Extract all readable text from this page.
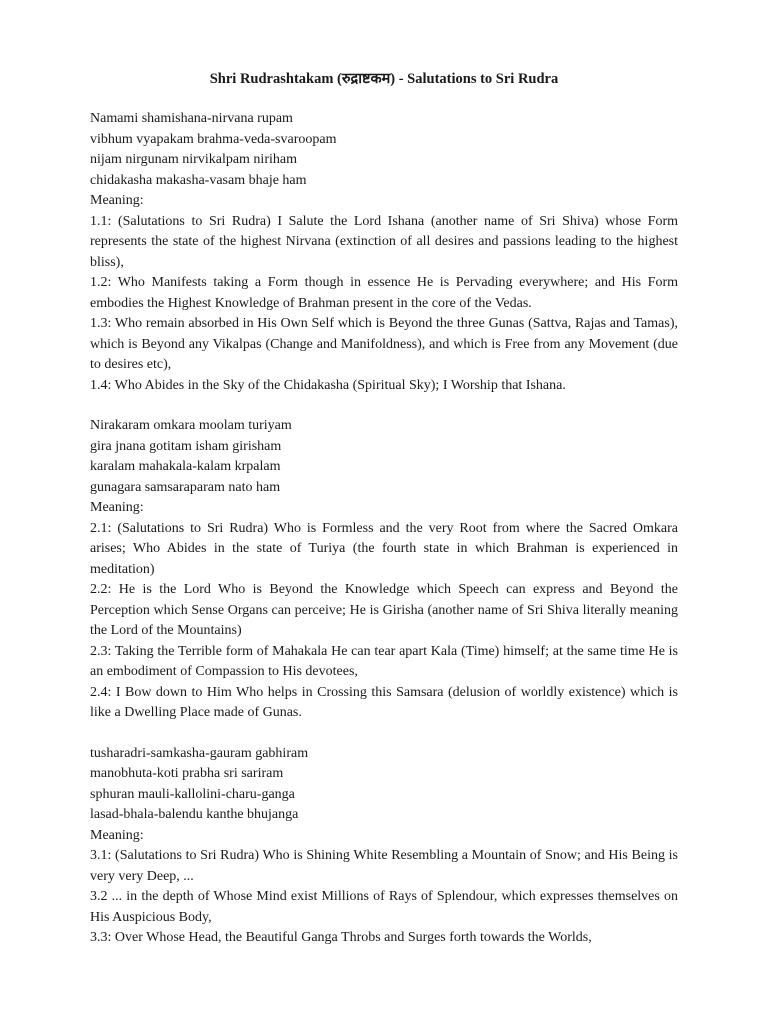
Shri Rudrashtakam (रुद्राष्टकम) - Salutations to Sri Rudra

Namami shamishana-nirvana rupam

vibhum vyapakam brahma-veda-svaroopam

nijam nirgunam nirvikalpam niriham

chidakasha makasha-vasam bhaje ham

Meaning:

1.1: (Salutations to Sri Rudra) I Salute the Lord Ishana (another name of Sri Shiva) whose Form represents the state of the highest Nirvana (extinction of all desires and passions leading to the highest bliss),

1.2: Who Manifests taking a Form though in essence He is Pervading everywhere; and His Form embodies the Highest Knowledge of Brahman present in the core of the Vedas.

1.3: Who remain absorbed in His Own Self which is Beyond the three Gunas (Sattva, Rajas and Tamas), which is Beyond any Vikalpas (Change and Manifoldness), and which is Free from any Movement (due to desires etc),

1.4: Who Abides in the Sky of the Chidakasha (Spiritual Sky); I Worship that Ishana.

Nirakaram omkara moolam turiyam

gira jnana gotitam isham girisham

karalam mahakala-kalam krpalam

gunagara samsaraparam nato ham

Meaning:

2.1: (Salutations to Sri Rudra) Who is Formless and the very Root from where the Sacred Omkara arises; Who Abides in the state of Turiya (the fourth state in which Brahman is experienced in meditation)

2.2: He is the Lord Who is Beyond the Knowledge which Speech can express and Beyond the Perception which Sense Organs can perceive; He is Girisha (another name of Sri Shiva literally meaning the Lord of the Mountains)

2.3: Taking the Terrible form of Mahakala He can tear apart Kala (Time) himself; at the same time He is an embodiment of Compassion to His devotees,

2.4: I Bow down to Him Who helps in Crossing this Samsara (delusion of worldly existence) which is like a Dwelling Place made of Gunas.

tusharadri-samkasha-gauram gabhiram

manobhuta-koti prabha sri sariram

sphuran mauli-kallolini-charu-ganga

lasad-bhala-balendu kanthe bhujanga

Meaning:

3.1: (Salutations to Sri Rudra) Who is Shining White Resembling a Mountain of Snow; and His Being is very very Deep, ...

3.2 ... in the depth of Whose Mind exist Millions of Rays of Splendour, which expresses themselves on His Auspicious Body,

3.3: Over Whose Head, the Beautiful Ganga Throbs and Surges forth towards the Worlds,
